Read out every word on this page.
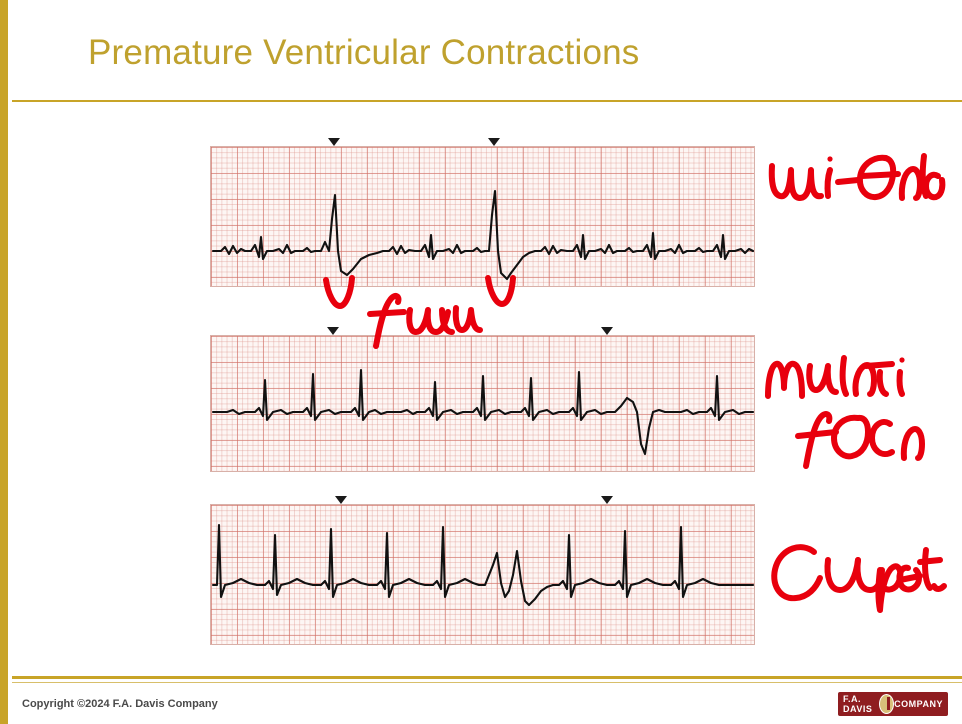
Premature Ventricular Contractions
Copyright ©2024 F.A. Davis Company	F.A. DAVIS	COMPANY
